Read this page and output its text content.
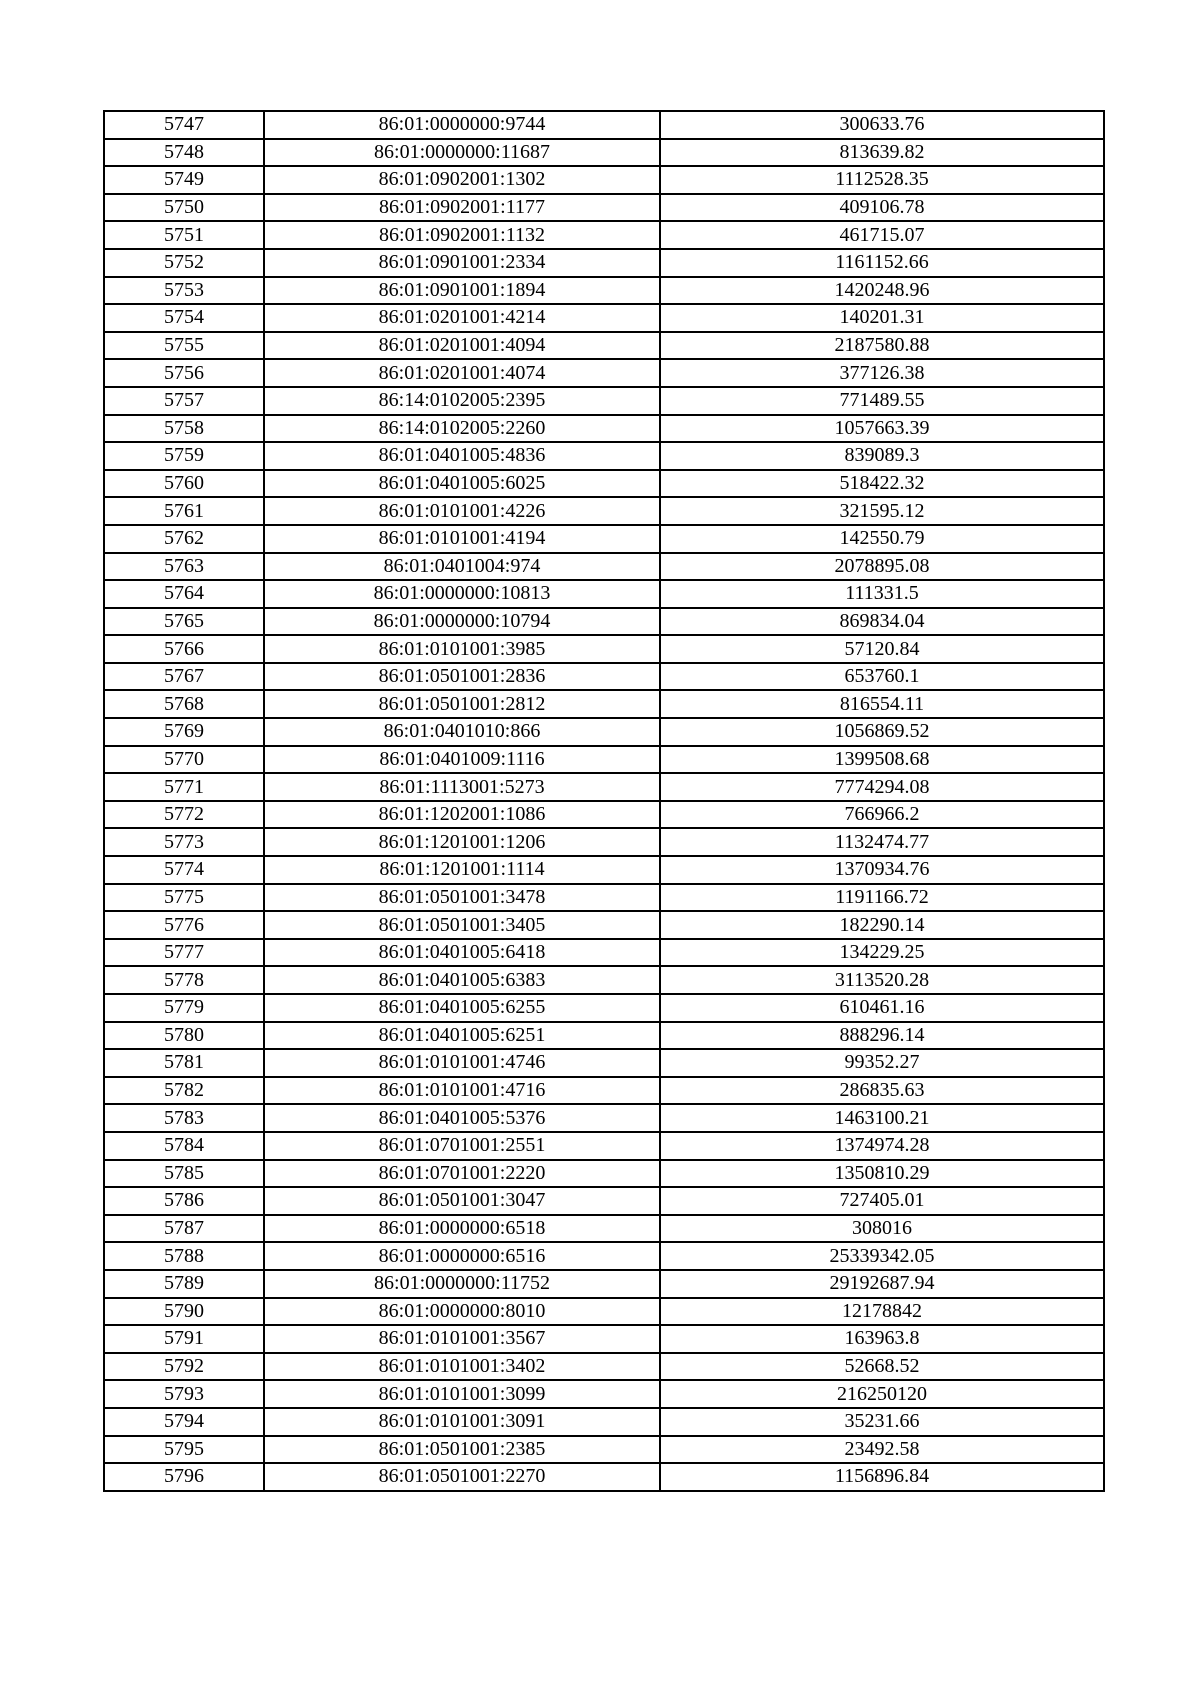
5747	86:01:0000000:9744	300633.76
5748	86:01:0000000:11687	813639.82
5749	86:01:0902001:1302	1112528.35
5750	86:01:0902001:1177	409106.78
5751	86:01:0902001:1132	461715.07
5752	86:01:0901001:2334	1161152.66
5753	86:01:0901001:1894	1420248.96
5754	86:01:0201001:4214	140201.31
5755	86:01:0201001:4094	2187580.88
5756	86:01:0201001:4074	377126.38
5757	86:14:0102005:2395	771489.55
5758	86:14:0102005:2260	1057663.39
5759	86:01:0401005:4836	839089.3
5760	86:01:0401005:6025	518422.32
5761	86:01:0101001:4226	321595.12
5762	86:01:0101001:4194	142550.79
5763	86:01:0401004:974	2078895.08
5764	86:01:0000000:10813	111331.5
5765	86:01:0000000:10794	869834.04
5766	86:01:0101001:3985	57120.84
5767	86:01:0501001:2836	653760.1
5768	86:01:0501001:2812	816554.11
5769	86:01:0401010:866	1056869.52
5770	86:01:0401009:1116	1399508.68
5771	86:01:1113001:5273	7774294.08
5772	86:01:1202001:1086	766966.2
5773	86:01:1201001:1206	1132474.77
5774	86:01:1201001:1114	1370934.76
5775	86:01:0501001:3478	1191166.72
5776	86:01:0501001:3405	182290.14
5777	86:01:0401005:6418	134229.25
5778	86:01:0401005:6383	3113520.28
5779	86:01:0401005:6255	610461.16
5780	86:01:0401005:6251	888296.14
5781	86:01:0101001:4746	99352.27
5782	86:01:0101001:4716	286835.63
5783	86:01:0401005:5376	1463100.21
5784	86:01:0701001:2551	1374974.28
5785	86:01:0701001:2220	1350810.29
5786	86:01:0501001:3047	727405.01
5787	86:01:0000000:6518	308016
5788	86:01:0000000:6516	25339342.05
5789	86:01:0000000:11752	29192687.94
5790	86:01:0000000:8010	12178842
5791	86:01:0101001:3567	163963.8
5792	86:01:0101001:3402	52668.52
5793	86:01:0101001:3099	216250120
5794	86:01:0101001:3091	35231.66
5795	86:01:0501001:2385	23492.58
5796	86:01:0501001:2270	1156896.84
